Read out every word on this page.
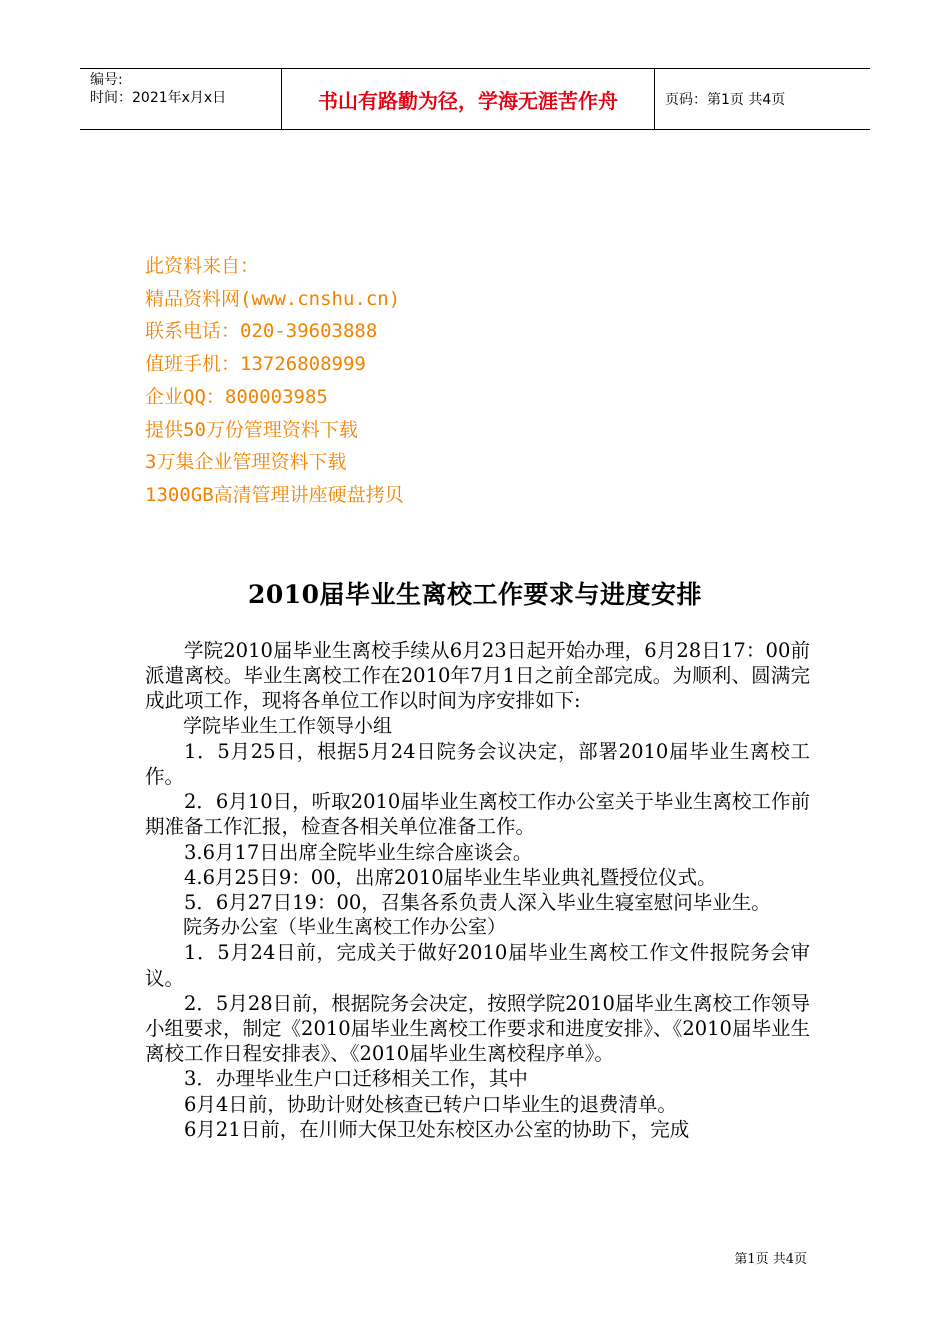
编号:
时间：2021年x月x日	书山有路勤为径，学海无涯苦作舟	页码：第1页 共4页
此资料来自：
精品资料网(www.cnshu.cn)
联系电话：020-39603888
值班手机：13726808999
企业QQ：800003985
提供50万份管理资料下载
3万集企业管理资料下载
1300GB高清管理讲座硬盘拷贝
2010届毕业生离校工作要求与进度安排

学院2010届毕业生离校手续从6月23日起开始办理，6月28日17：00前派遣离校。毕业生离校工作在2010年7月1日之前全部完成。为顺利、圆满完成此项工作，现将各单位工作以时间为序安排如下:

学院毕业生工作领导小组

1．5月25日，根据5月24日院务会议决定，部署2010届毕业生离校工作。

2．6月10日，听取2010届毕业生离校工作办公室关于毕业生离校工作前期准备工作汇报，检查各相关单位准备工作。

3.6月17日出席全院毕业生综合座谈会。

4.6月25日9：00，出席2010届毕业生毕业典礼暨授位仪式。

5．6月27日19：00，召集各系负责人深入毕业生寝室慰问毕业生。

院务办公室（毕业生离校工作办公室）

1．5月24日前，完成关于做好2010届毕业生离校工作文件报院务会审议。

2．5月28日前，根据院务会决定，按照学院2010届毕业生离校工作领导小组要求，制定《2010届毕业生离校工作要求和进度安排》、《2010届毕业生离校工作日程安排表》、《2010届毕业生离校程序单》。

3．办理毕业生户口迁移相关工作，其中

6月4日前，协助计财处核查已转户口毕业生的退费清单。

6月21日前，在川师大保卫处东校区办公室的协助下，完成

第1页 共4页
